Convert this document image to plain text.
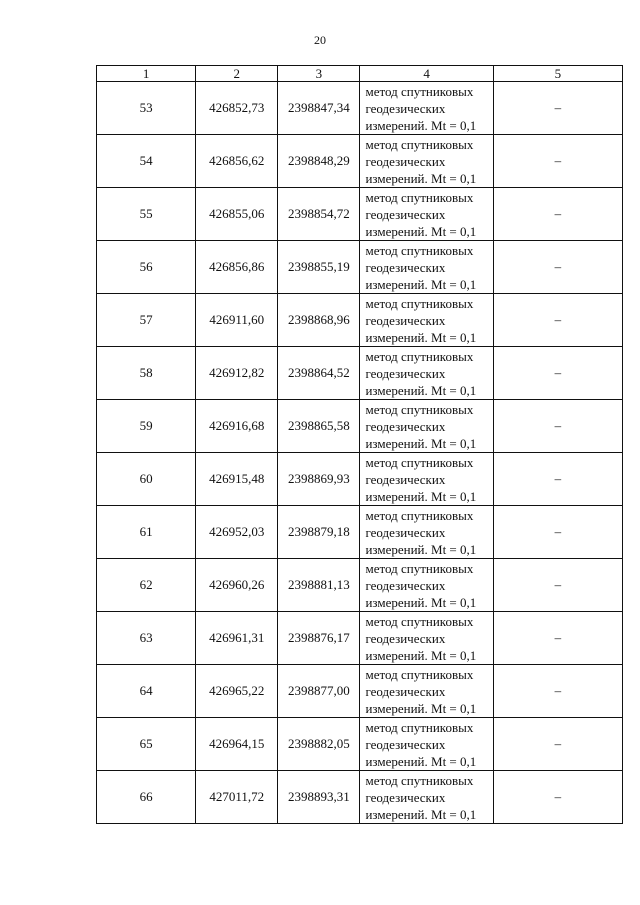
20
1	2	3	4	5
53	426852,73	2398847,34	метод спутниковых
геодезических
измерений. Mt = 0,1	–
54	426856,62	2398848,29	метод спутниковых
геодезических
измерений. Mt = 0,1	–
55	426855,06	2398854,72	метод спутниковых
геодезических
измерений. Mt = 0,1	–
56	426856,86	2398855,19	метод спутниковых
геодезических
измерений. Mt = 0,1	–
57	426911,60	2398868,96	метод спутниковых
геодезических
измерений. Mt = 0,1	–
58	426912,82	2398864,52	метод спутниковых
геодезических
измерений. Mt = 0,1	–
59	426916,68	2398865,58	метод спутниковых
геодезических
измерений. Mt = 0,1	–
60	426915,48	2398869,93	метод спутниковых
геодезических
измерений. Mt = 0,1	–
61	426952,03	2398879,18	метод спутниковых
геодезических
измерений. Mt = 0,1	–
62	426960,26	2398881,13	метод спутниковых
геодезических
измерений. Mt = 0,1	–
63	426961,31	2398876,17	метод спутниковых
геодезических
измерений. Mt = 0,1	–
64	426965,22	2398877,00	метод спутниковых
геодезических
измерений. Mt = 0,1	–
65	426964,15	2398882,05	метод спутниковых
геодезических
измерений. Mt = 0,1	–
66	427011,72	2398893,31	метод спутниковых
геодезических
измерений. Mt = 0,1	–
